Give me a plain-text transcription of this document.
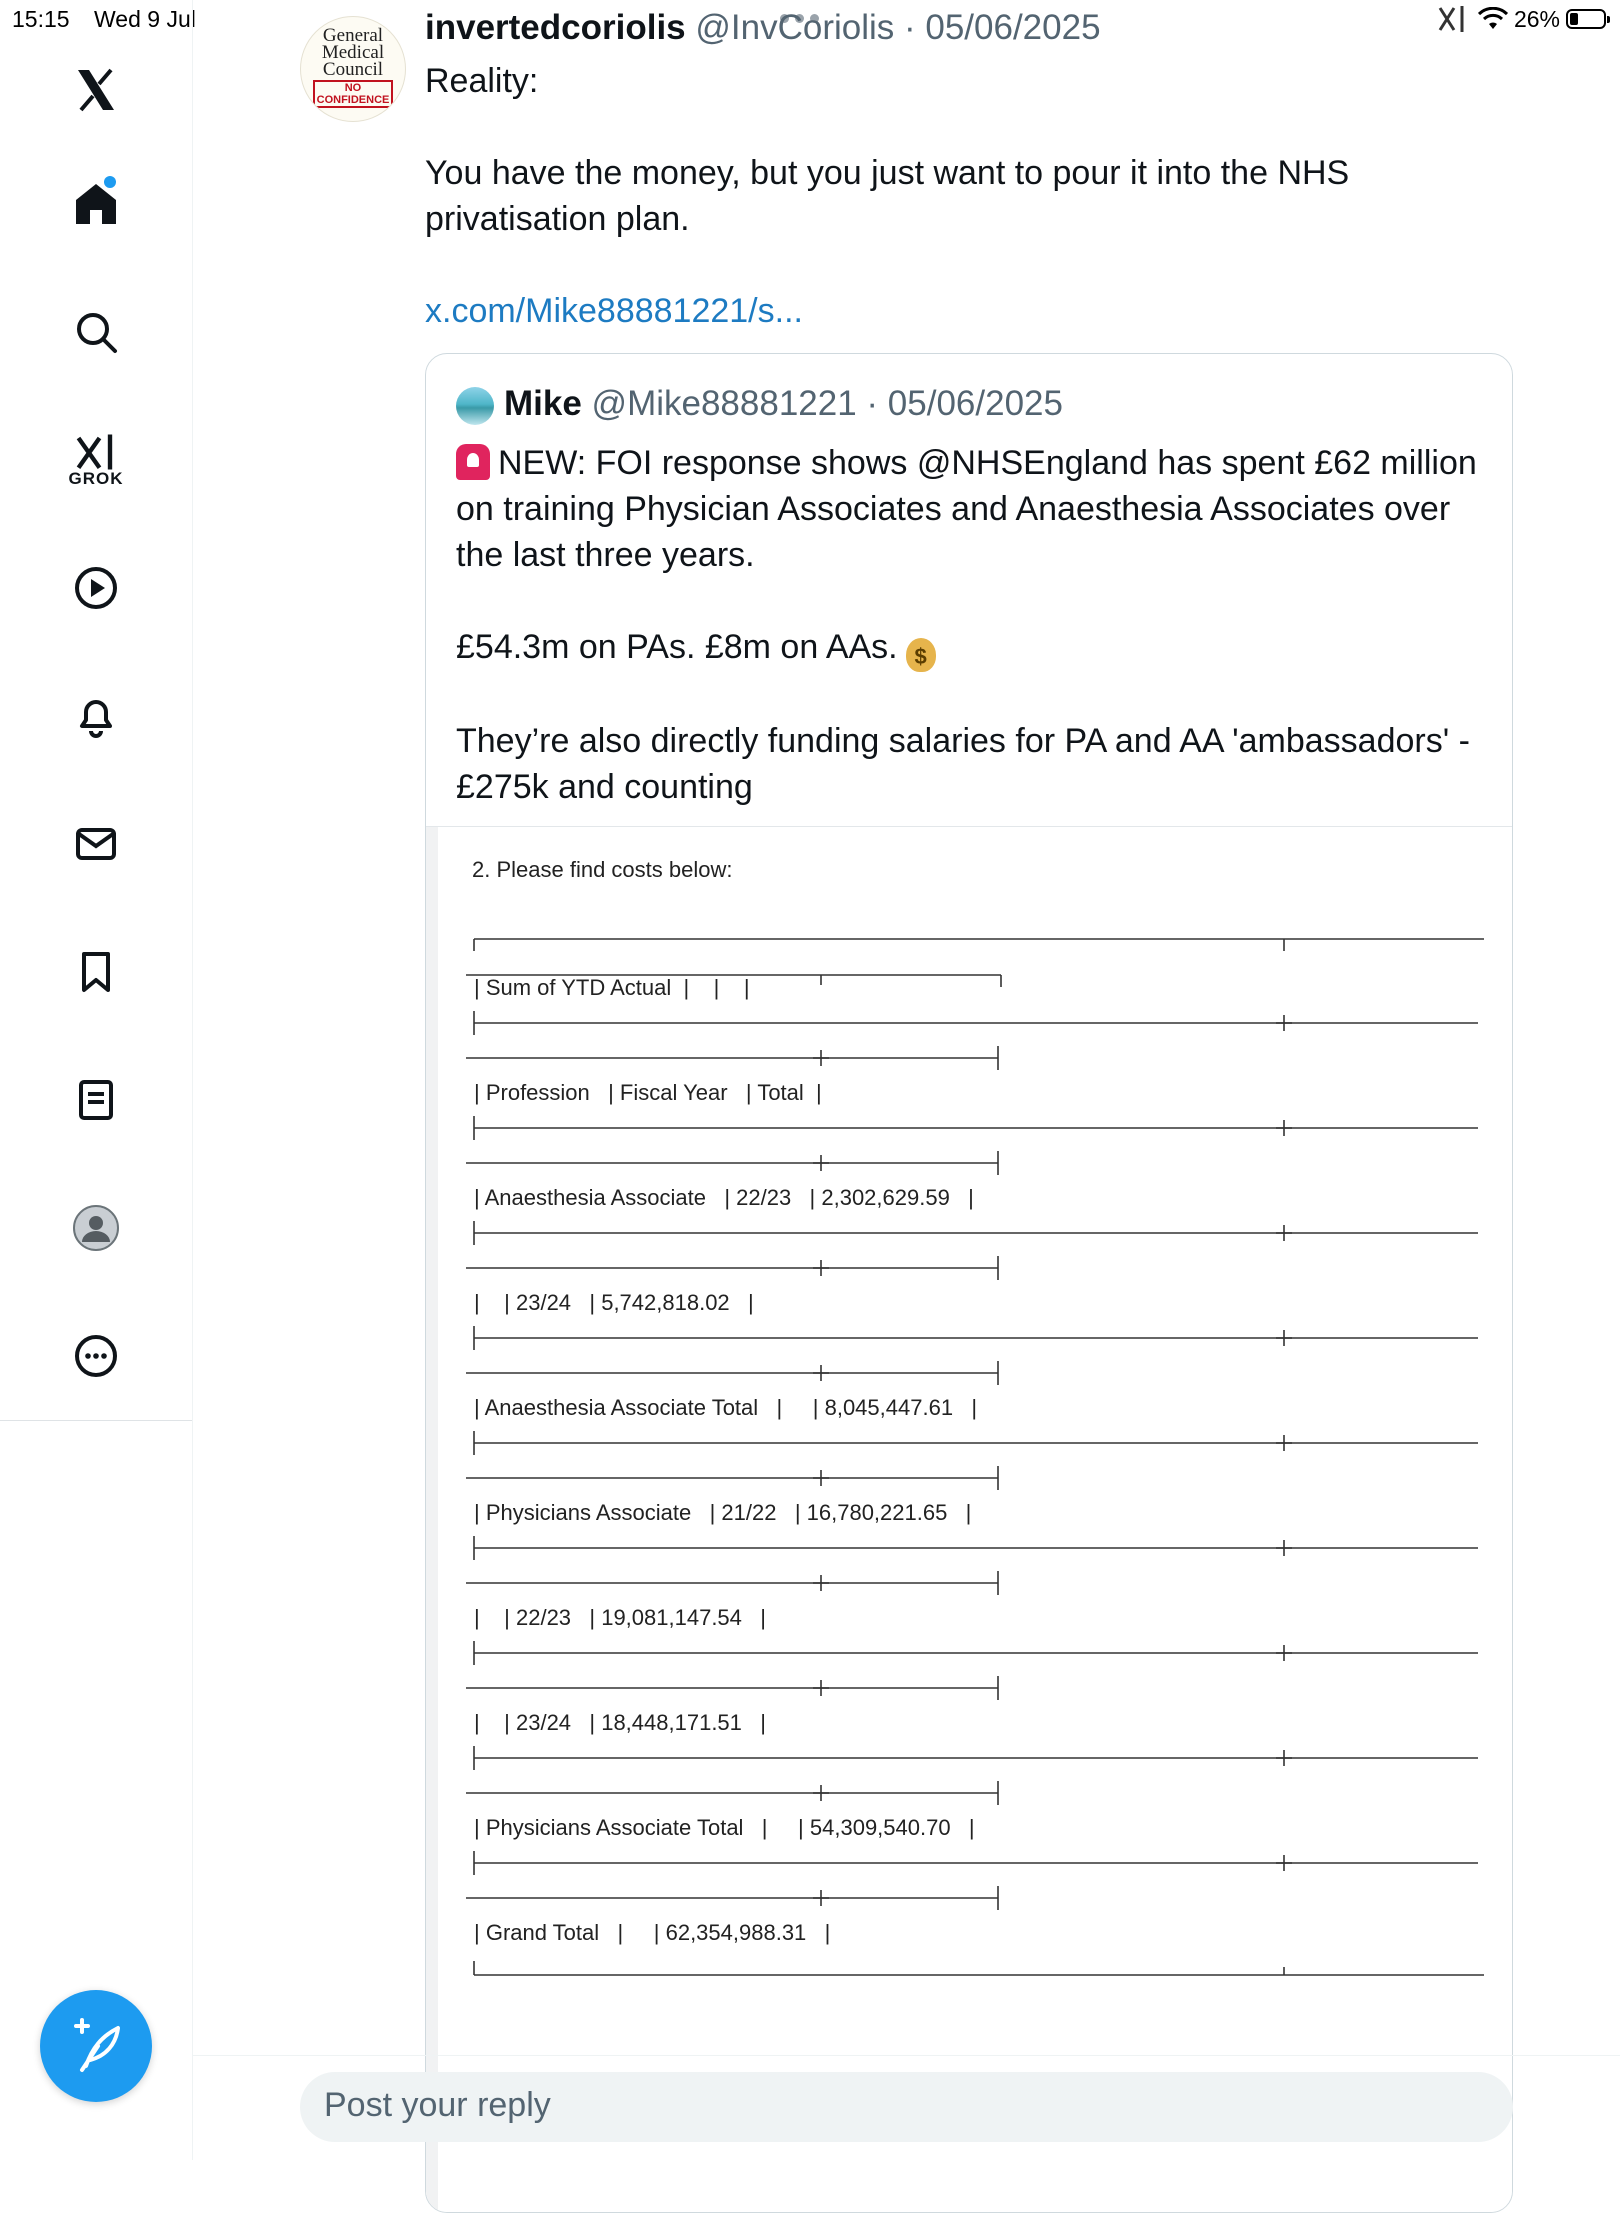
15:15 Wed 9 Jul	26%
GROK
General
Medical
Council
NO
CONFIDENCE
invertedcoriolis @InvCoriolis · 05/06/2025

Reality:

You have the money, but you just want to pour it into the NHS privatisation plan.

x.com/Mike88881221/s...

Mike @Mike88881221 · 05/06/2025

NEW: FOI response shows @NHSEngland has spent £62 million on training Physician Associates and Anaesthesia Associates over the last three years.

£54.3m on PAs. £8m on AAs. $

They’re also directly funding salaries for PA and AA 'ambassadors' - £275k and counting

2. Please find costs below:
| Sum of YTD Actual  |    |    |
| Profession   | Fiscal Year   | Total  |
| Anaesthesia Associate   | 22/23   | 2,302,629.59   |
|    | 23/24   | 5,742,818.02   |
| Anaesthesia Associate Total   |     | 8,045,447.61   |
| Physicians Associate   | 21/22   | 16,780,221.65   |
|    | 22/23   | 19,081,147.54   |
|    | 23/24   | 18,448,171.51   |
| Physicians Associate Total   |     | 54,309,540.70   |
| Grand Total   |     | 62,354,988.31   |
Post your reply
